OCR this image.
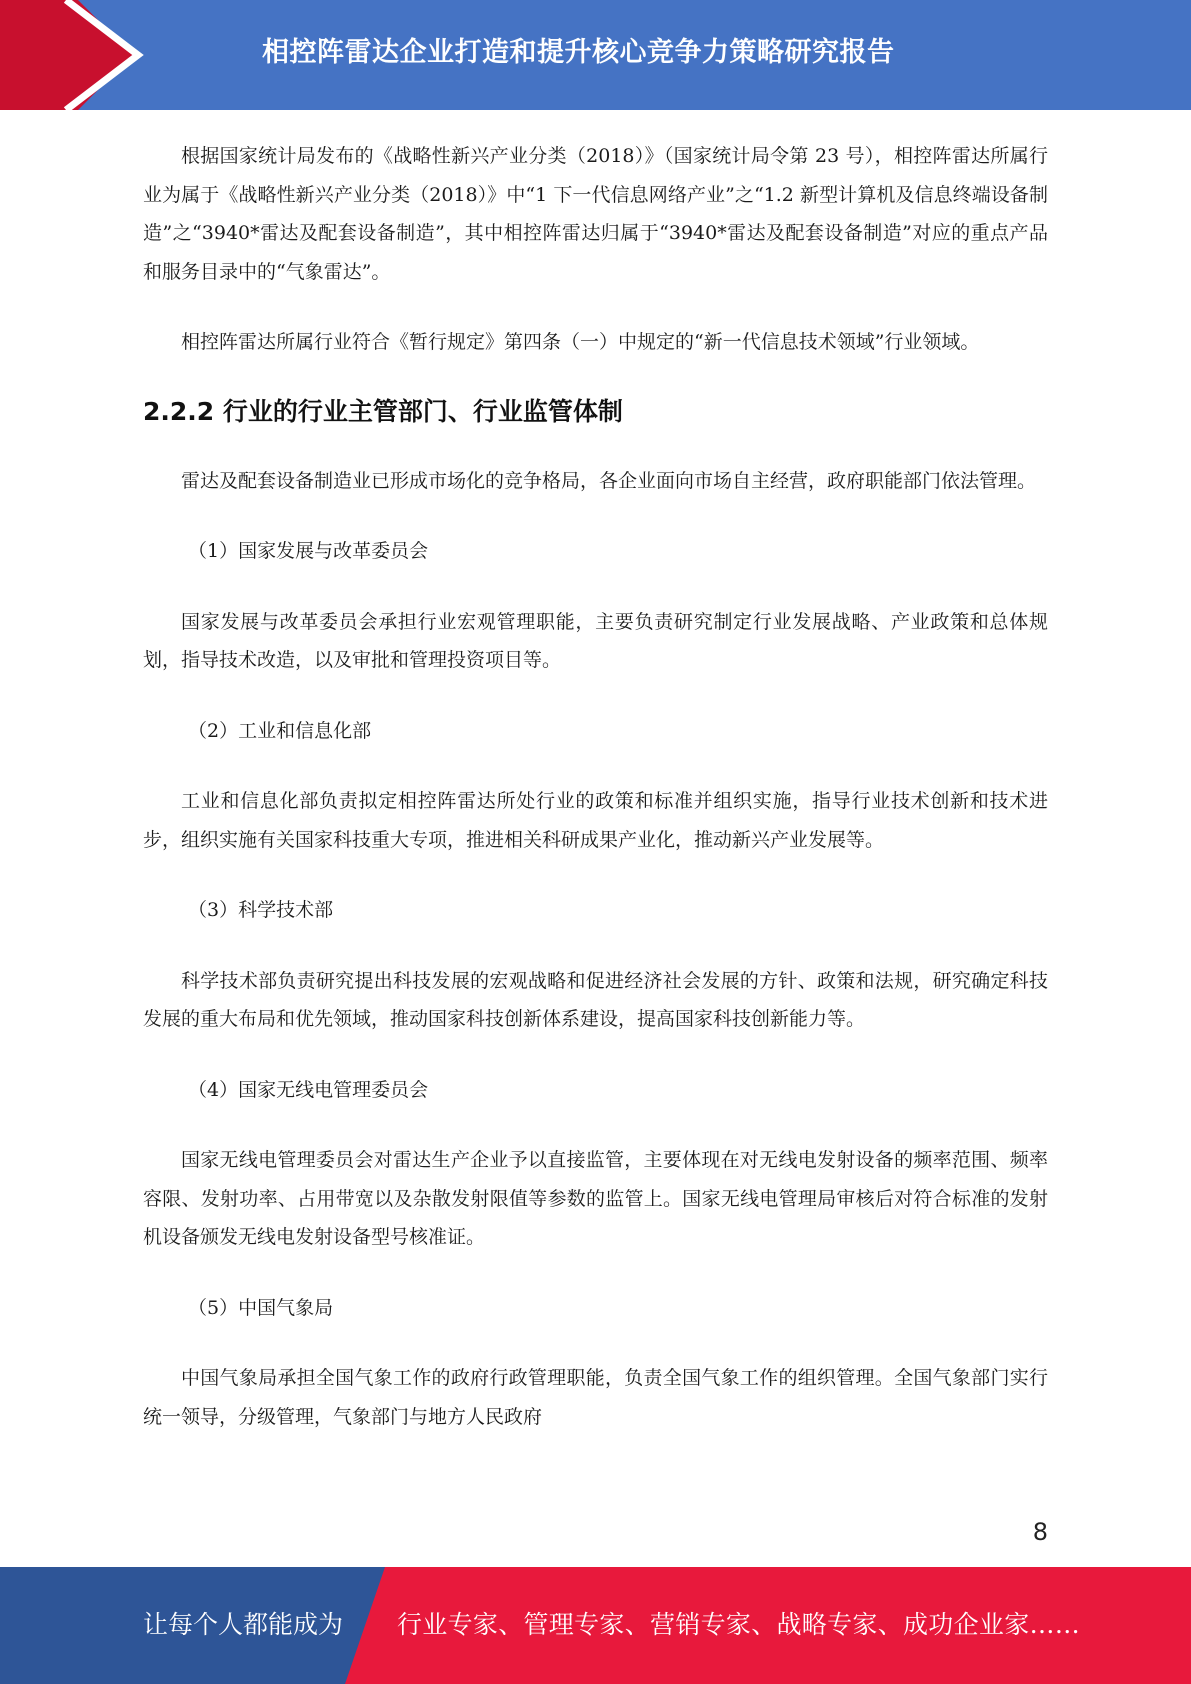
相控阵雷达企业打造和提升核心竞争力策略研究报告

根据国家统计局发布的《战略性新兴产业分类（2018）》（国家统计局令第 23 号），相控阵雷达所属行业为属于《战略性新兴产业分类（2018）》中“1 下一代信息网络产业”之“1.2 新型计算机及信息终端设备制造”之“3940*雷达及配套设备制造”，其中相控阵雷达归属于“3940*雷达及配套设备制造”对应的重点产品和服务目录中的“气象雷达”。

相控阵雷达所属行业符合《暂行规定》第四条（一）中规定的“新一代信息技术领域”行业领域。

2.2.2 行业的行业主管部门、行业监管体制

雷达及配套设备制造业已形成市场化的竞争格局，各企业面向市场自主经营，政府职能部门依法管理。

（1）国家发展与改革委员会

国家发展与改革委员会承担行业宏观管理职能，主要负责研究制定行业发展战略、产业政策和总体规划，指导技术改造，以及审批和管理投资项目等。

（2）工业和信息化部

工业和信息化部负责拟定相控阵雷达所处行业的政策和标准并组织实施，指导行业技术创新和技术进步，组织实施有关国家科技重大专项，推进相关科研成果产业化，推动新兴产业发展等。

（3）科学技术部

科学技术部负责研究提出科技发展的宏观战略和促进经济社会发展的方针、政策和法规，研究确定科技发展的重大布局和优先领域，推动国家科技创新体系建设，提高国家科技创新能力等。

（4）国家无线电管理委员会

国家无线电管理委员会对雷达生产企业予以直接监管，主要体现在对无线电发射设备的频率范围、频率容限、发射功率、占用带宽以及杂散发射限值等参数的监管上。国家无线电管理局审核后对符合标准的发射机设备颁发无线电发射设备型号核准证。

（5）中国气象局

中国气象局承担全国气象工作的政府行政管理职能，负责全国气象工作的组织管理。全国气象部门实行统一领导，分级管理，气象部门与地方人民政府

8
让每个人都能成为 行业专家、管理专家、营销专家、战略专家、成功企业家……
